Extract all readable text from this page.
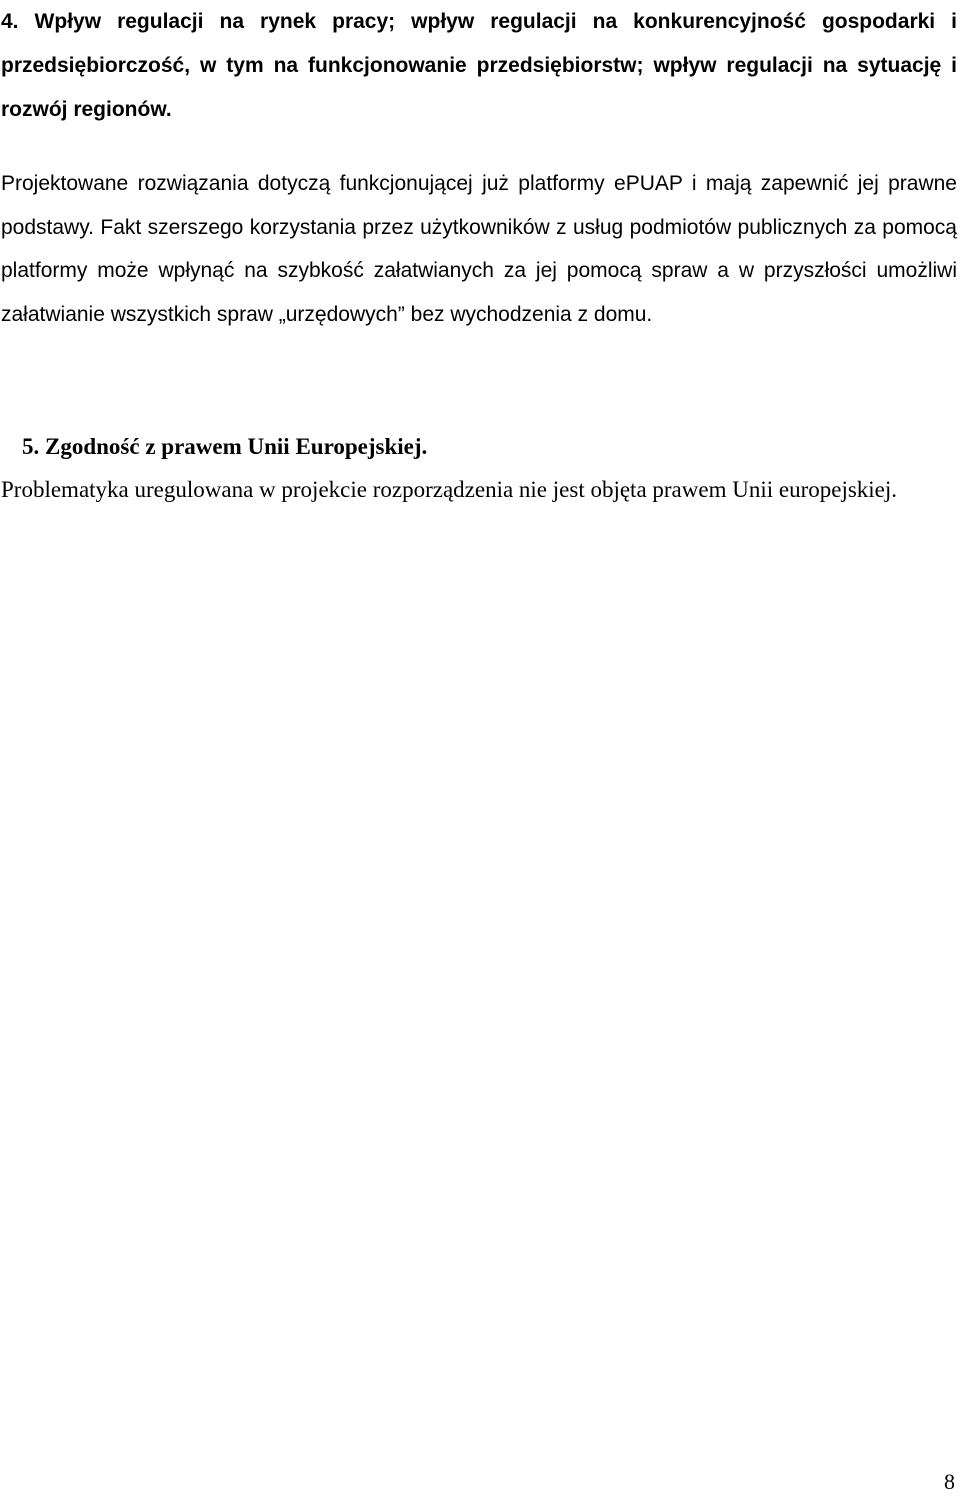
4. Wpływ regulacji na rynek pracy; wpływ regulacji na konkurencyjność gospodarki i przedsiębiorczość, w tym na funkcjonowanie przedsiębiorstw; wpływ regulacji na sytuację i rozwój regionów.

Projektowane rozwiązania dotyczą funkcjonującej już platformy ePUAP i mają zapewnić jej prawne podstawy. Fakt szerszego korzystania przez użytkowników z usług podmiotów publicznych za pomocą platformy może wpłynąć na szybkość załatwianych za jej pomocą spraw a w przyszłości umożliwi załatwianie wszystkich spraw „urzędowych” bez wychodzenia z domu.

5. Zgodność z prawem Unii Europejskiej.

Problematyka uregulowana w projekcie rozporządzenia nie jest objęta prawem Unii europejskiej.

8
